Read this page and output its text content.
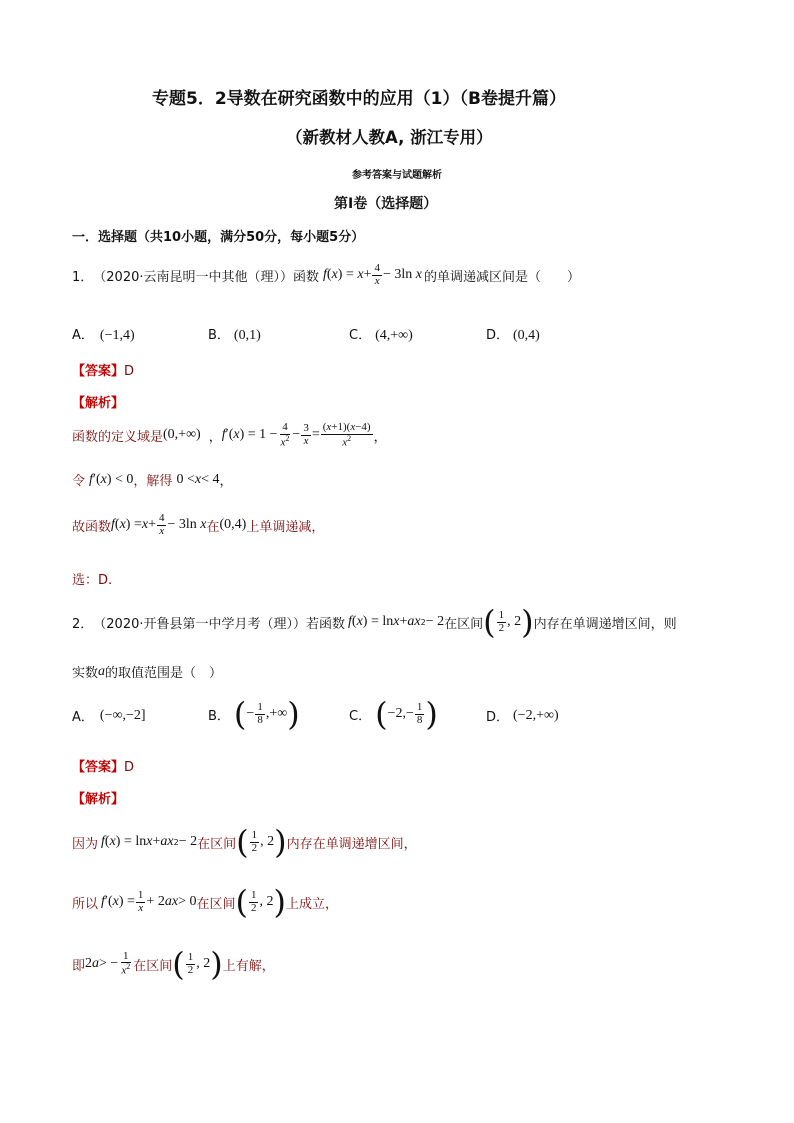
专题5．2导数在研究函数中的应用（1）（B卷提升篇）
（新教材人教A, 浙江专用）
参考答案与试题解析
第Ⅰ卷（选择题）
一．选择题（共10小题，满分50分，每小题5分）
1． （2020·云南昆明一中其他（理）） 函数 f ( x ) = $x + \frac{4}{x} - 3\ln$ x 的单调递减区间是（　　）
A． (−1,4)	B． (0,1)	C． (4,+∞)	D． (0,4)
【答案】D
【解析】
函数的定义域是 (0,+∞) ， f ′( x ) = $1 - \frac{4}{x^2} - \frac{3}{x} = \frac{(x+1)(x-4)}{x^2}$ ，
令 f ′( x ) < 0 ，解得 0 < x < 4 ，
故函数 f ( x ) = $x + \frac{4}{x} - 3\ln$ x 在 (0,4) 上单调递减，
选：D.
2． （2020·开鲁县第一中学月考（理）） 若函数 f ( x ) = ln x + ax 2 − 2 在区间 ( $\frac{1}{2}$ , 2 ) 内存在单调递增区间，则
实数 a 的取值范围是（　）
A． (−∞,−2]	B． ( − $\frac{1}{8}$ ,+∞ )	C． ( $-2,- \frac{1}{8}$ )	D． (−2,+∞)
【答案】D
【解析】
因为 f ( x ) = ln x + ax 2 − 2 在区间 ( $\frac{1}{2}$ , 2 ) 内存在单调递增区间，
所以 f ′( x ) = $\frac{1}{x} + 2$ ax > 0 在区间 ( $\frac{1}{2}$ , 2 ) 上成立，
即 2 a > − $\frac{1}{x^2}$ 在区间 ( $\frac{1}{2}$ , 2 ) 上有解，
